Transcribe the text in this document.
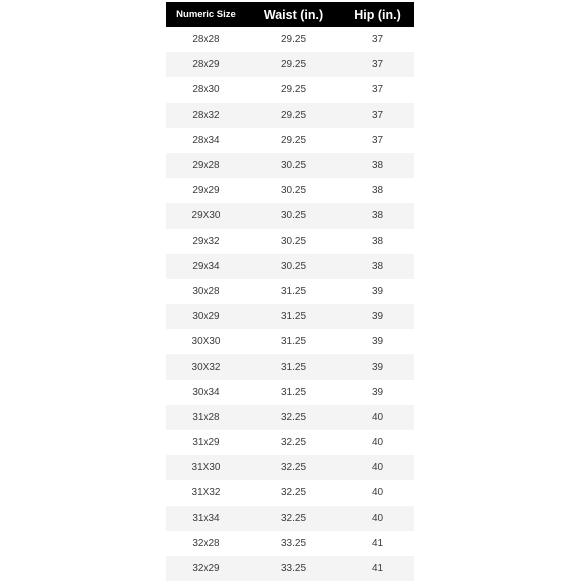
Numeric Size	Waist (in.)	Hip (in.)
28x28	29.25	37
28x29	29.25	37
28x30	29.25	37
28x32	29.25	37
28x34	29.25	37
29x28	30.25	38
29x29	30.25	38
29X30	30.25	38
29x32	30.25	38
29x34	30.25	38
30x28	31.25	39
30x29	31.25	39
30X30	31.25	39
30X32	31.25	39
30x34	31.25	39
31x28	32.25	40
31x29	32.25	40
31X30	32.25	40
31X32	32.25	40
31x34	32.25	40
32x28	33.25	41
32x29	33.25	41
